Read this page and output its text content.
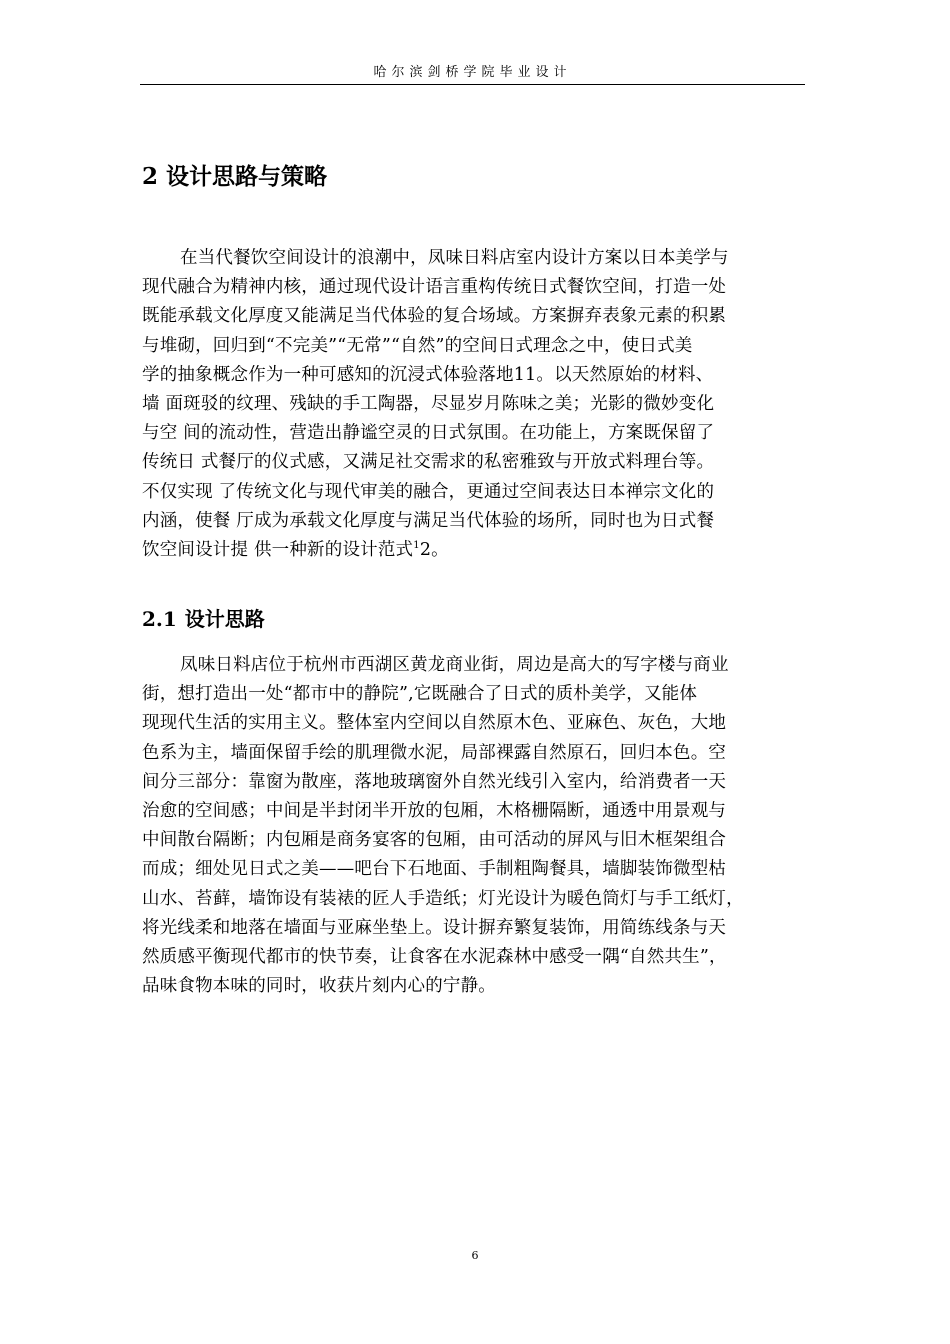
哈尔滨剑桥学院毕业设计
2 设计思路与策略
在当代餐饮空间设计的浪潮中，凤味日料店室内设计方案以日本美学与
现代融合为精神内核，通过现代设计语言重构传统日式餐饮空间，打造一处
既能承载文化厚度又能满足当代体验的复合场域。方案摒弃表象元素的积累
与堆砌，回归到“不完美”“无常”“自然”的空间日式理念之中，使日式美
学的抽象概念作为一种可感知的沉浸式体验落地11。以天然原始的材料、
墙 面斑驳的纹理、残缺的手工陶器，尽显岁月陈味之美；光影的微妙变化
与空 间的流动性，营造出静谧空灵的日式氛围。在功能上，方案既保留了
传统日 式餐厅的仪式感，又满足社交需求的私密雅致与开放式料理台等。
不仅实现 了传统文化与现代审美的融合，更通过空间表达日本禅宗文化的
内涵，使餐 厅成为承载文化厚度与满足当代体验的场所，同时也为日式餐
饮空间设计提 供一种新的设计范式$^1$2。
2.1 设计思路
凤味日料店位于杭州市西湖区黄龙商业街，周边是高大的写字楼与商业
街，想打造出一处“都市中的静院”,它既融合了日式的质朴美学，又能体
现现代生活的实用主义。整体室内空间以自然原木色、亚麻色、灰色，大地
色系为主，墙面保留手绘的肌理微水泥，局部裸露自然原石，回归本色。空
间分三部分：靠窗为散座，落地玻璃窗外自然光线引入室内，给消费者一天
治愈的空间感；中间是半封闭半开放的包厢，木格栅隔断，通透中用景观与
中间散台隔断；内包厢是商务宴客的包厢，由可活动的屏风与旧木框架组合
而成；细处见日式之美——吧台下石地面、手制粗陶餐具，墙脚装饰微型枯
山水、苔藓，墙饰设有装裱的匠人手造纸；灯光设计为暖色筒灯与手工纸灯，
将光线柔和地落在墙面与亚麻坐垫上。设计摒弃繁复装饰，用简练线条与天
然质感平衡现代都市的快节奏，让食客在水泥森林中感受一隅“自然共生”，
品味食物本味的同时，收获片刻内心的宁静。
6
